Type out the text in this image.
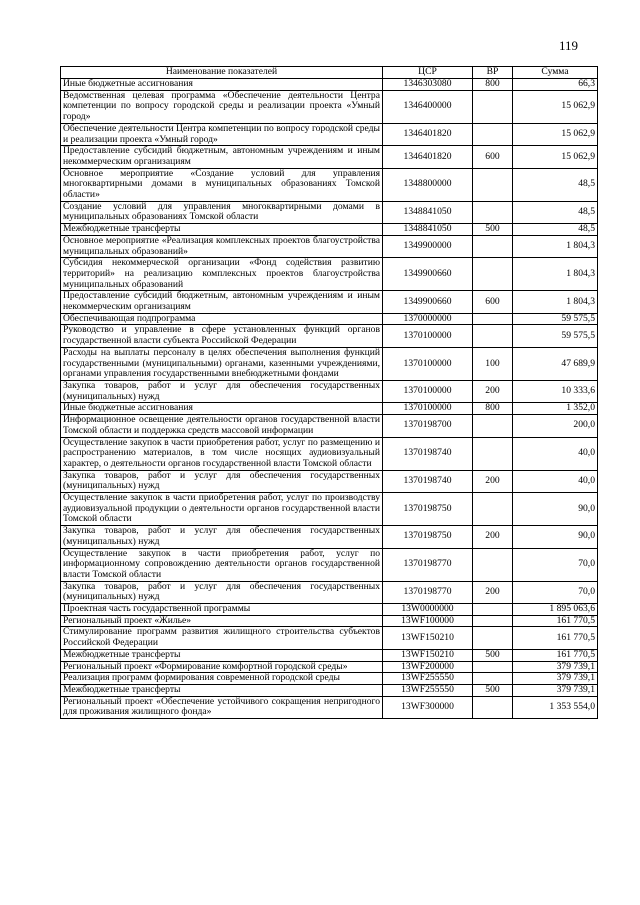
119
Наименование показателей	ЦСР	ВР	Сумма
Иные бюджетные ассигнования	1346303080	800	66,3
Ведомственная целевая программа «Обеспечение деятельности Центра компетенции по вопросу городской среды и реализации проекта «Умный город»	1346400000		15 062,9
Обеспечение деятельности Центра компетенции по вопросу городской среды и реализации проекта «Умный город»	1346401820		15 062,9
Предоставление субсидий бюджетным, автономным учреждениям и иным некоммерческим организациям	1346401820	600	15 062,9
Основное мероприятие «Создание условий для управления многоквартирными домами в муниципальных образованиях Томской области»	1348800000		48,5
Создание условий для управления многоквартирными домами в муниципальных образованиях Томской области	1348841050		48,5
Межбюджетные трансферты	1348841050	500	48,5
Основное мероприятие «Реализация комплексных проектов благоустройства муниципальных образований»	1349900000		1 804,3
Субсидия некоммерческой организации «Фонд содействия развитию территорий» на реализацию комплексных проектов благоустройства муниципальных образований	1349900660		1 804,3
Предоставление субсидий бюджетным, автономным учреждениям и иным некоммерческим организациям	1349900660	600	1 804,3
Обеспечивающая подпрограмма	1370000000		59 575,5
Руководство и управление в сфере установленных функций органов государственной власти субъекта Российской Федерации	1370100000		59 575,5
Расходы на выплаты персоналу в целях обеспечения выполнения функций государственными (муниципальными) органами, казенными учреждениями, органами управления государственными внебюджетными фондами	1370100000	100	47 689,9
Закупка товаров, работ и услуг для обеспечения государственных (муниципальных) нужд	1370100000	200	10 333,6
Иные бюджетные ассигнования	1370100000	800	1 352,0
Информационное освещение деятельности органов государственной власти Томской области и поддержка средств массовой информации	1370198700		200,0
Осуществление закупок в части приобретения работ, услуг по размещению и распространению материалов, в том числе носящих аудиовизуальный характер, о деятельности органов государственной власти Томской области	1370198740		40,0
Закупка товаров, работ и услуг для обеспечения государственных (муниципальных) нужд	1370198740	200	40,0
Осуществление закупок в части приобретения работ, услуг по производству аудиовизуальной продукции о деятельности органов государственной власти Томской области	1370198750		90,0
Закупка товаров, работ и услуг для обеспечения государственных (муниципальных) нужд	1370198750	200	90,0
Осуществление закупок в части приобретения работ, услуг по информационному сопровождению деятельности органов государственной власти Томской области	1370198770		70,0
Закупка товаров, работ и услуг для обеспечения государственных (муниципальных) нужд	1370198770	200	70,0
Проектная часть государственной программы	13W0000000		1 895 063,6
Региональный проект «Жилье»	13WF100000		161 770,5
Стимулирование программ развития жилищного строительства субъектов Российской Федерации	13WF150210		161 770,5
Межбюджетные трансферты	13WF150210	500	161 770,5
Региональный проект «Формирование комфортной городской среды»	13WF200000		379 739,1
Реализация программ формирования современной городской среды	13WF255550		379 739,1
Межбюджетные трансферты	13WF255550	500	379 739,1
Региональный проект «Обеспечение устойчивого сокращения непригодного для проживания жилищного фонда»	13WF300000		1 353 554,0
